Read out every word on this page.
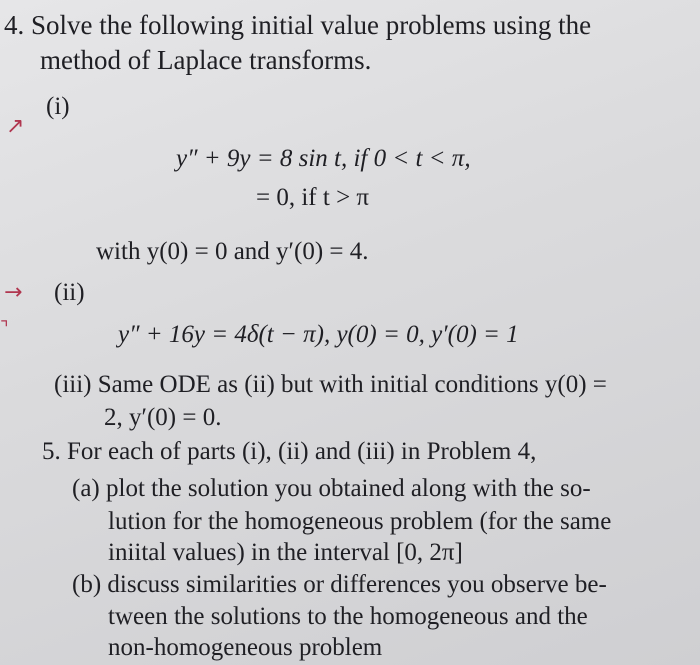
4. Solve the following initial value problems using the
method of Laplace transforms.
(i)
↗
y″ + 9y = 8 sin t, if 0 < t < π,
= 0, if t > π
with y(0) = 0 and y′(0) = 4.
→ (ii)
⌝	y″ + 16y = 4δ(t − π), y(0) = 0, y′(0) = 1
(iii) Same ODE as (ii) but with initial conditions y(0) =
2, y′(0) = 0.
5. For each of parts (i), (ii) and (iii) in Problem 4,
(a) plot the solution you obtained along with the so-
lution for the homogeneous problem (for the same
iniital values) in the interval [0, 2π]
(b) discuss similarities or differences you observe be-
tween the solutions to the homogeneous and the
non-homogeneous problem
